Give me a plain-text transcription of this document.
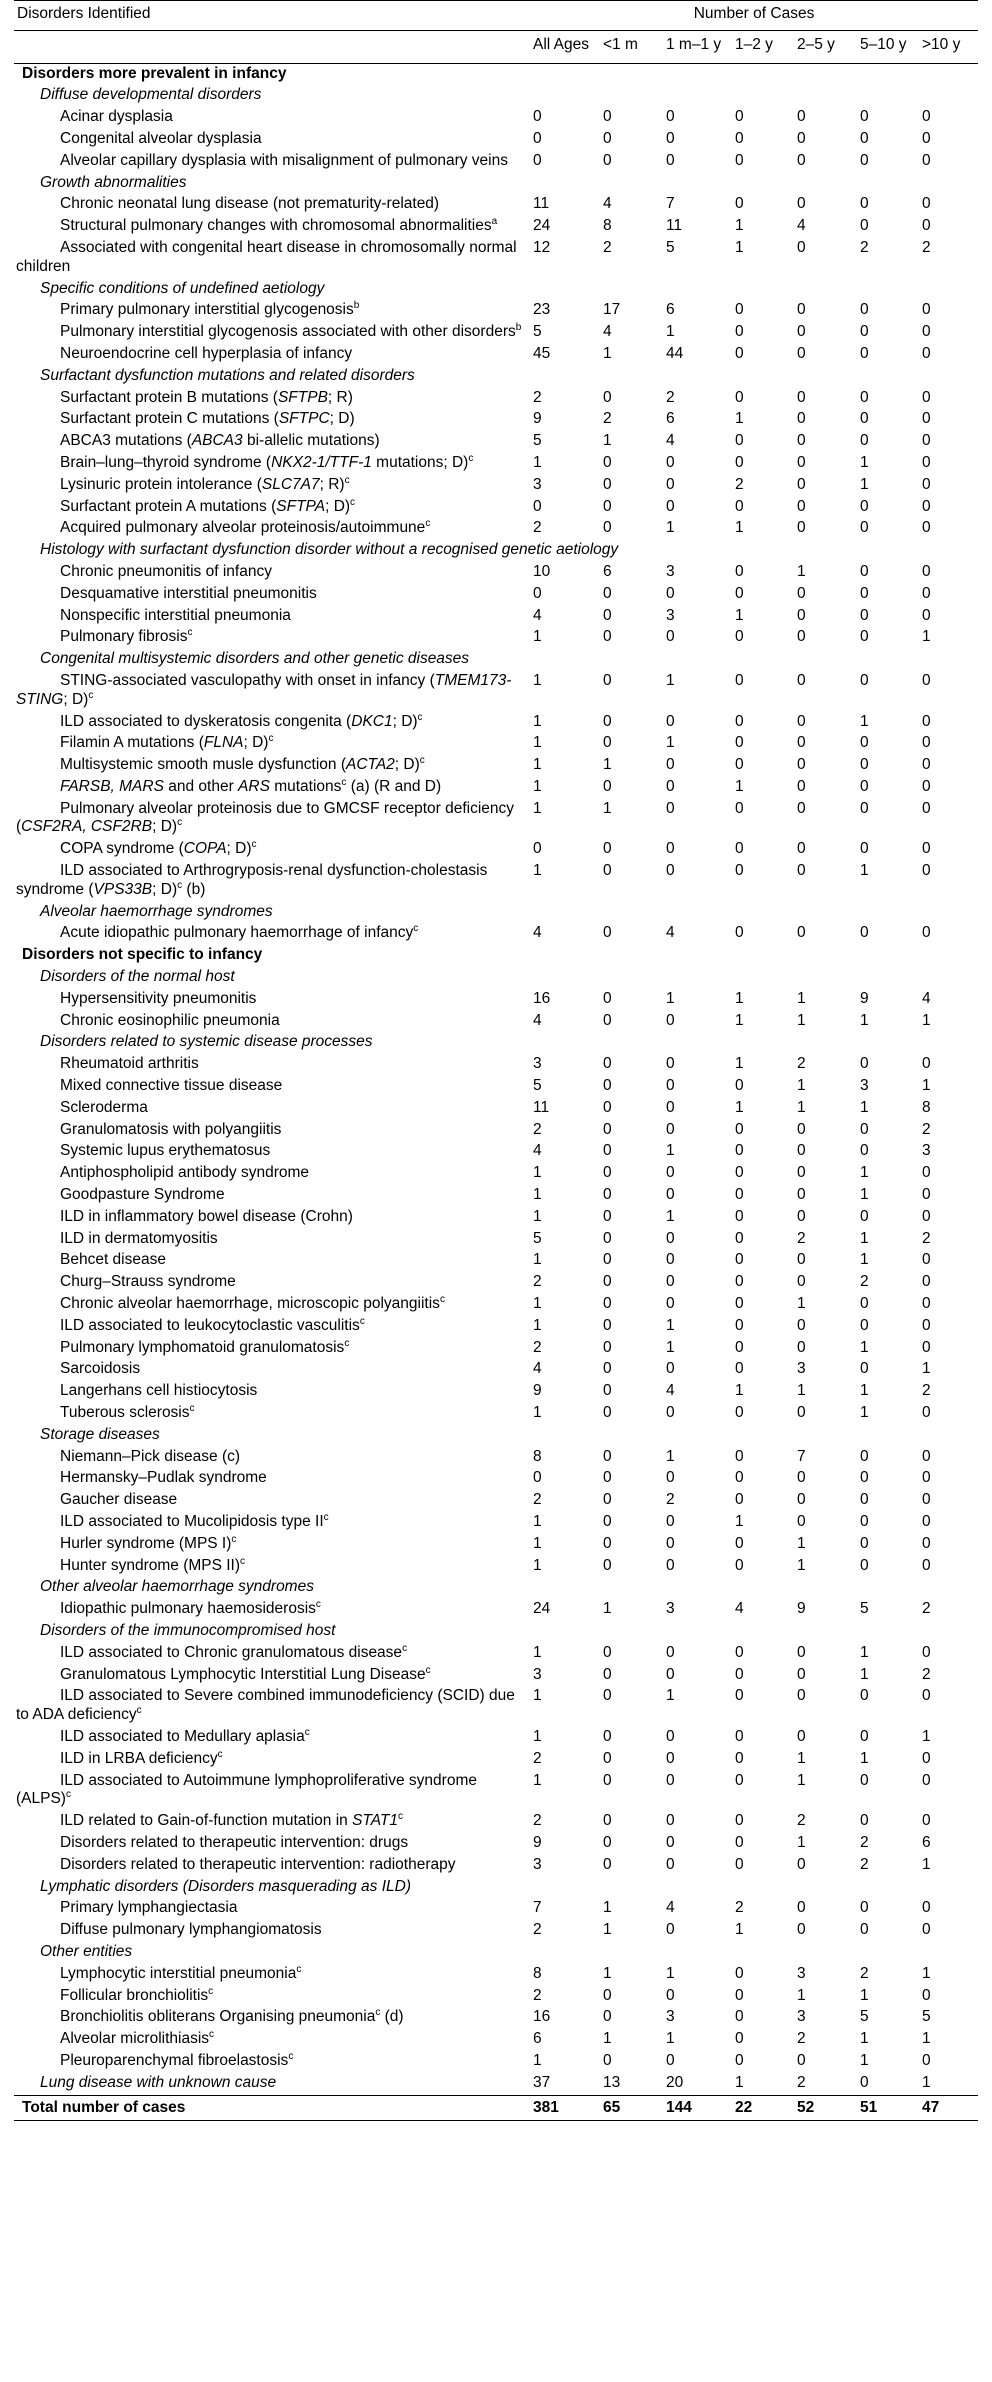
Disorders Identified	Number of Cases						
	All Ages	<1 m	1 m–1 y	1–2 y	2–5 y	5–10 y	>10 y
Disorders more prevalent in infancy							
Diffuse developmental disorders							
Acinar dysplasia	0	0	0	0	0	0	0
Congenital alveolar dysplasia	0	0	0	0	0	0	0
Alveolar capillary dysplasia with misalignment of pulmonary veins	0	0	0	0	0	0	0
Growth abnormalities							
Chronic neonatal lung disease (not prematurity-related)	11	4	7	0	0	0	0
Structural pulmonary changes with chromosomal abnormalities$^a$	24	8	11	1	4	0	0
Associated with congenital heart disease in chromosomally normal children	12	2	5	1	0	2	2
Specific conditions of undefined aetiology							
Primary pulmonary interstitial glycogenosis$^b$	23	17	6	0	0	0	0
Pulmonary interstitial glycogenosis associated with other disorders$^b$	5	4	1	0	0	0	0
Neuroendocrine cell hyperplasia of infancy	45	1	44	0	0	0	0
Surfactant dysfunction mutations and related disorders							
Surfactant protein B mutations (SFTPB; R)	2	0	2	0	0	0	0
Surfactant protein C mutations (SFTPC; D)	9	2	6	1	0	0	0
ABCA3 mutations (ABCA3 bi-allelic mutations)	5	1	4	0	0	0	0
Brain–lung–thyroid syndrome (NKX2-1/TTF-1 mutations; D)$^c$	1	0	0	0	0	1	0
Lysinuric protein intolerance (SLC7A7; R)$^c$	3	0	0	2	0	1	0
Surfactant protein A mutations (SFTPA; D)$^c$	0	0	0	0	0	0	0
Acquired pulmonary alveolar proteinosis/autoimmune$^c$	2	0	1	1	0	0	0
Histology with surfactant dysfunction disorder without a recognised genetic aetiology							
Chronic pneumonitis of infancy	10	6	3	0	1	0	0
Desquamative interstitial pneumonitis	0	0	0	0	0	0	0
Nonspecific interstitial pneumonia	4	0	3	1	0	0	0
Pulmonary fibrosis$^c$	1	0	0	0	0	0	1
Congenital multisystemic disorders and other genetic diseases							
STING-associated vasculopathy with onset in infancy (TMEM173-STING; D)$^c$	1	0	1	0	0	0	0
ILD associated to dyskeratosis congenita (DKC1; D)$^c$	1	0	0	0	0	1	0
Filamin A mutations (FLNA; D)$^c$	1	0	1	0	0	0	0
Multisystemic smooth musle dysfunction (ACTA2; D)$^c$	1	1	0	0	0	0	0
FARSB, MARS and other ARS mutations$^c$ (a) (R and D)	1	0	0	1	0	0	0
Pulmonary alveolar proteinosis due to GMCSF receptor deficiency (CSF2RA, CSF2RB; D)$^c$	1	1	0	0	0	0	0
COPA syndrome (COPA; D)$^c$	0	0	0	0	0	0	0
ILD associated to Arthrogryposis-renal dysfunction-cholestasis syndrome (VPS33B; D)$^c$ (b)	1	0	0	0	0	1	0
Alveolar haemorrhage syndromes							
Acute idiopathic pulmonary haemorrhage of infancy$^c$	4	0	4	0	0	0	0
Disorders not specific to infancy							
Disorders of the normal host							
Hypersensitivity pneumonitis	16	0	1	1	1	9	4
Chronic eosinophilic pneumonia	4	0	0	1	1	1	1
Disorders related to systemic disease processes							
Rheumatoid arthritis	3	0	0	1	2	0	0
Mixed connective tissue disease	5	0	0	0	1	3	1
Scleroderma	11	0	0	1	1	1	8
Granulomatosis with polyangiitis	2	0	0	0	0	0	2
Systemic lupus erythematosus	4	0	1	0	0	0	3
Antiphospholipid antibody syndrome	1	0	0	0	0	1	0
Goodpasture Syndrome	1	0	0	0	0	1	0
ILD in inflammatory bowel disease (Crohn)	1	0	1	0	0	0	0
ILD in dermatomyositis	5	0	0	0	2	1	2
Behcet disease	1	0	0	0	0	1	0
Churg–Strauss syndrome	2	0	0	0	0	2	0
Chronic alveolar haemorrhage, microscopic polyangiitis$^c$	1	0	0	0	1	0	0
ILD associated to leukocytoclastic vasculitis$^c$	1	0	1	0	0	0	0
Pulmonary lymphomatoid granulomatosis$^c$	2	0	1	0	0	1	0
Sarcoidosis	4	0	0	0	3	0	1
Langerhans cell histiocytosis	9	0	4	1	1	1	2
Tuberous sclerosis$^c$	1	0	0	0	0	1	0
Storage diseases							
Niemann–Pick disease (c)	8	0	1	0	7	0	0
Hermansky–Pudlak syndrome	0	0	0	0	0	0	0
Gaucher disease	2	0	2	0	0	0	0
ILD associated to Mucolipidosis type $II^c$	1	0	0	1	0	0	0
Hurler syndrome (MPS I)$^c$	1	0	0	0	1	0	0
Hunter syndrome (MPS II)$^c$	1	0	0	0	1	0	0
Other alveolar haemorrhage syndromes							
Idiopathic pulmonary haemosiderosis$^c$	24	1	3	4	9	5	2
Disorders of the immunocompromised host							
ILD associated to Chronic granulomatous disease$^c$	1	0	0	0	0	1	0
Granulomatous Lymphocytic Interstitial Lung Disease$^c$	3	0	0	0	0	1	2
ILD associated to Severe combined immunodeficiency (SCID) due to ADA deficiency$^c$	1	0	1	0	0	0	0
ILD associated to Medullary aplasia$^c$	1	0	0	0	0	0	1
ILD in LRBA deficiency$^c$	2	0	0	0	1	1	0
ILD associated to Autoimmune lymphoproliferative syndrome (ALPS)$^c$	1	0	0	0	1	0	0
ILD related to Gain-of-function mutation in STAT1$^c$	2	0	0	0	2	0	0
Disorders related to therapeutic intervention: drugs	9	0	0	0	1	2	6
Disorders related to therapeutic intervention: radiotherapy	3	0	0	0	0	2	1
Lymphatic disorders (Disorders masquerading as ILD)							
Primary lymphangiectasia	7	1	4	2	0	0	0
Diffuse pulmonary lymphangiomatosis	2	1	0	1	0	0	0
Other entities							
Lymphocytic interstitial pneumonia$^c$	8	1	1	0	3	2	1
Follicular bronchiolitis$^c$	2	0	0	0	1	1	0
Bronchiolitis obliterans Organising pneumonia$^c$ (d)	16	0	3	0	3	5	5
Alveolar microlithiasis$^c$	6	1	1	0	2	1	1
Pleuroparenchymal fibroelastosis$^c$	1	0	0	0	0	1	0
Lung disease with unknown cause	37	13	20	1	2	0	1
Total number of cases	381	65	144	22	52	51	47
